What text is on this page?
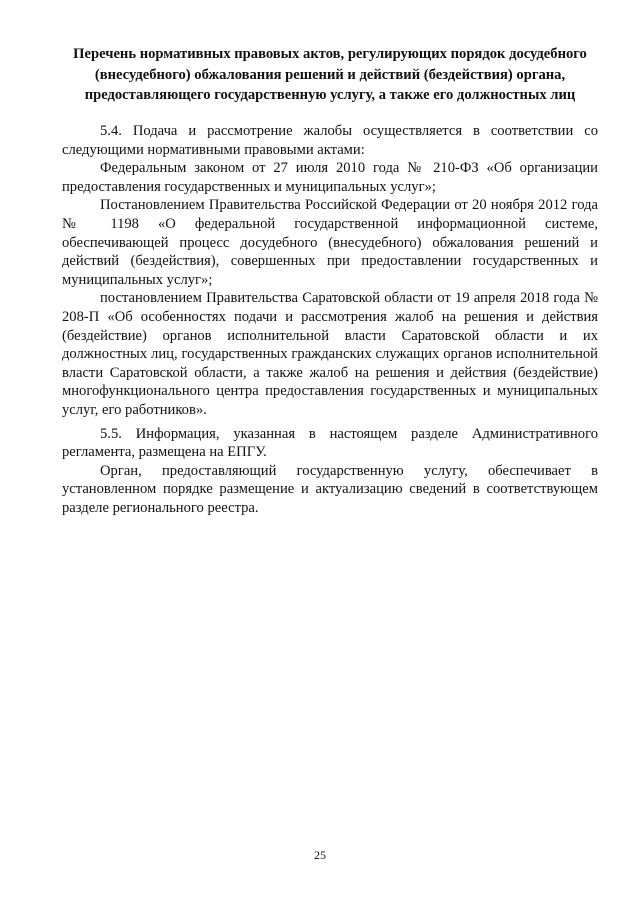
Перечень нормативных правовых актов, регулирующих порядок досудебного (внесудебного) обжалования решений и действий (бездействия) органа, предоставляющего государственную услугу, а также его должностных лиц

5.4. Подача и рассмотрение жалобы осуществляется в соответствии со следующими нормативными правовыми актами:

Федеральным законом от 27 июля 2010 года № 210-ФЗ «Об организации предоставления государственных и муниципальных услуг»;

Постановлением Правительства Российской Федерации от 20 ноября 2012 года № 1198 «О федеральной государственной информационной системе, обеспечивающей процесс досудебного (внесудебного) обжалования решений и действий (бездействия), совершенных при предоставлении государственных и муниципальных услуг»;

постановлением Правительства Саратовской области от 19 апреля 2018 года № 208-П «Об особенностях подачи и рассмотрения жалоб на решения и действия (бездействие) органов исполнительной власти Саратовской области и их должностных лиц, государственных гражданских служащих органов исполнительной власти Саратовской области, а также жалоб на решения и действия (бездействие) многофункционального центра предоставления государственных и муниципальных услуг, его работников».

5.5. Информация, указанная в настоящем разделе Административного регламента, размещена на ЕПГУ.

Орган, предоставляющий государственную услугу, обеспечивает в установленном порядке размещение и актуализацию сведений в соответствующем разделе регионального реестра.

25
